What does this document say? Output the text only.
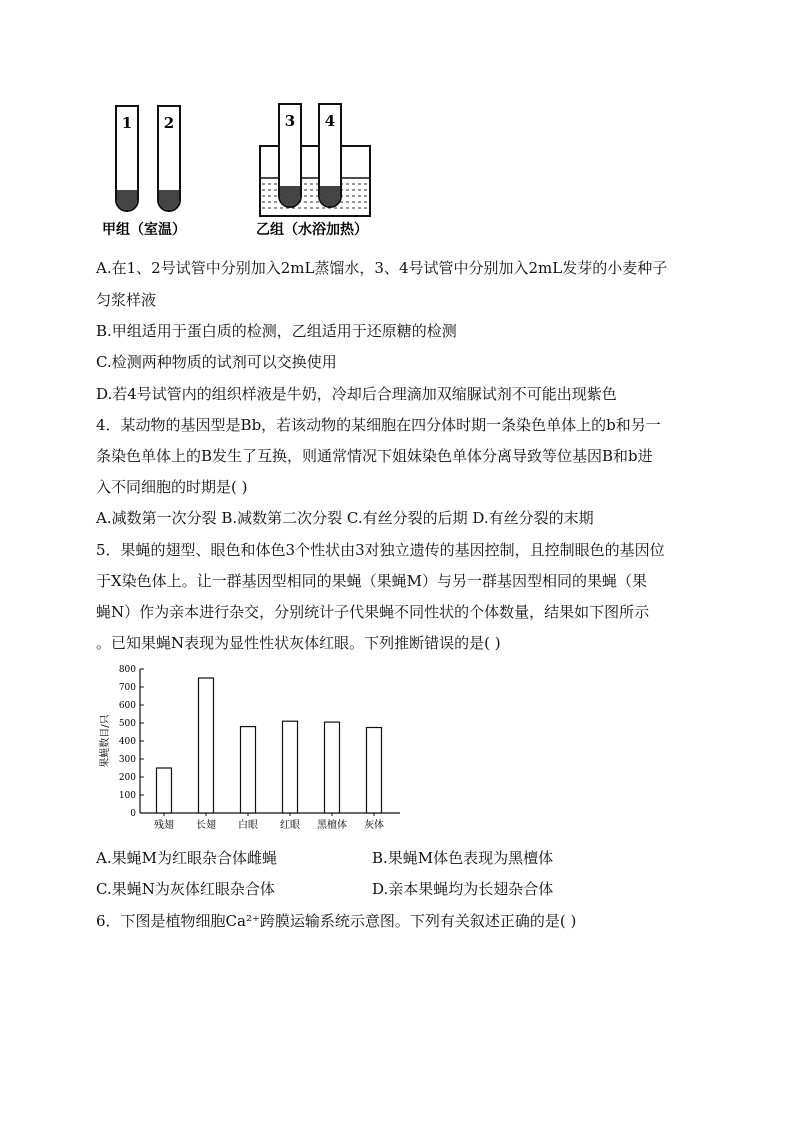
1 2	3 4
甲组（室温）	乙组（水浴加热）
A.在1、2号试管中分别加入2mL蒸馏水，3、4号试管中分别加入2mL发芽的小麦种子
匀浆样液
B.甲组适用于蛋白质的检测，乙组适用于还原糖的检测
C.检测两种物质的试剂可以交换使用
D.若4号试管内的组织样液是牛奶，冷却后合理滴加双缩脲试剂不可能出现紫色
4．某动物的基因型是Bb，若该动物的某细胞在四分体时期一条染色单体上的b和另一
条染色单体上的B发生了互换，则通常情况下姐妹染色单体分离导致等位基因B和b进
入不同细胞的时期是( )
A.减数第一次分裂 B.减数第二次分裂 C.有丝分裂的后期 D.有丝分裂的末期
5．果蝇的翅型、眼色和体色3个性状由3对独立遗传的基因控制，且控制眼色的基因位
于X染色体上。让一群基因型相同的果蝇（果蝇M）与另一群基因型相同的果蝇（果
蝇N）作为亲本进行杂交，分别统计子代果蝇不同性状的个体数量，结果如下图所示
。已知果蝇N表现为显性性状灰体红眼。下列推断错误的是( )
果蝇数目/只
0
100
200
300
400
500
600
700
800
残翅 长翅 白眼 红眼 黑檀体 灰体
A.果蝇M为红眼杂合体雌蝇	B.果蝇M体色表现为黑檀体
C.果蝇N为灰体红眼杂合体	D.亲本果蝇均为长翅杂合体
6．下图是植物细胞Ca²⁺跨膜运输系统示意图。下列有关叙述正确的是( )
